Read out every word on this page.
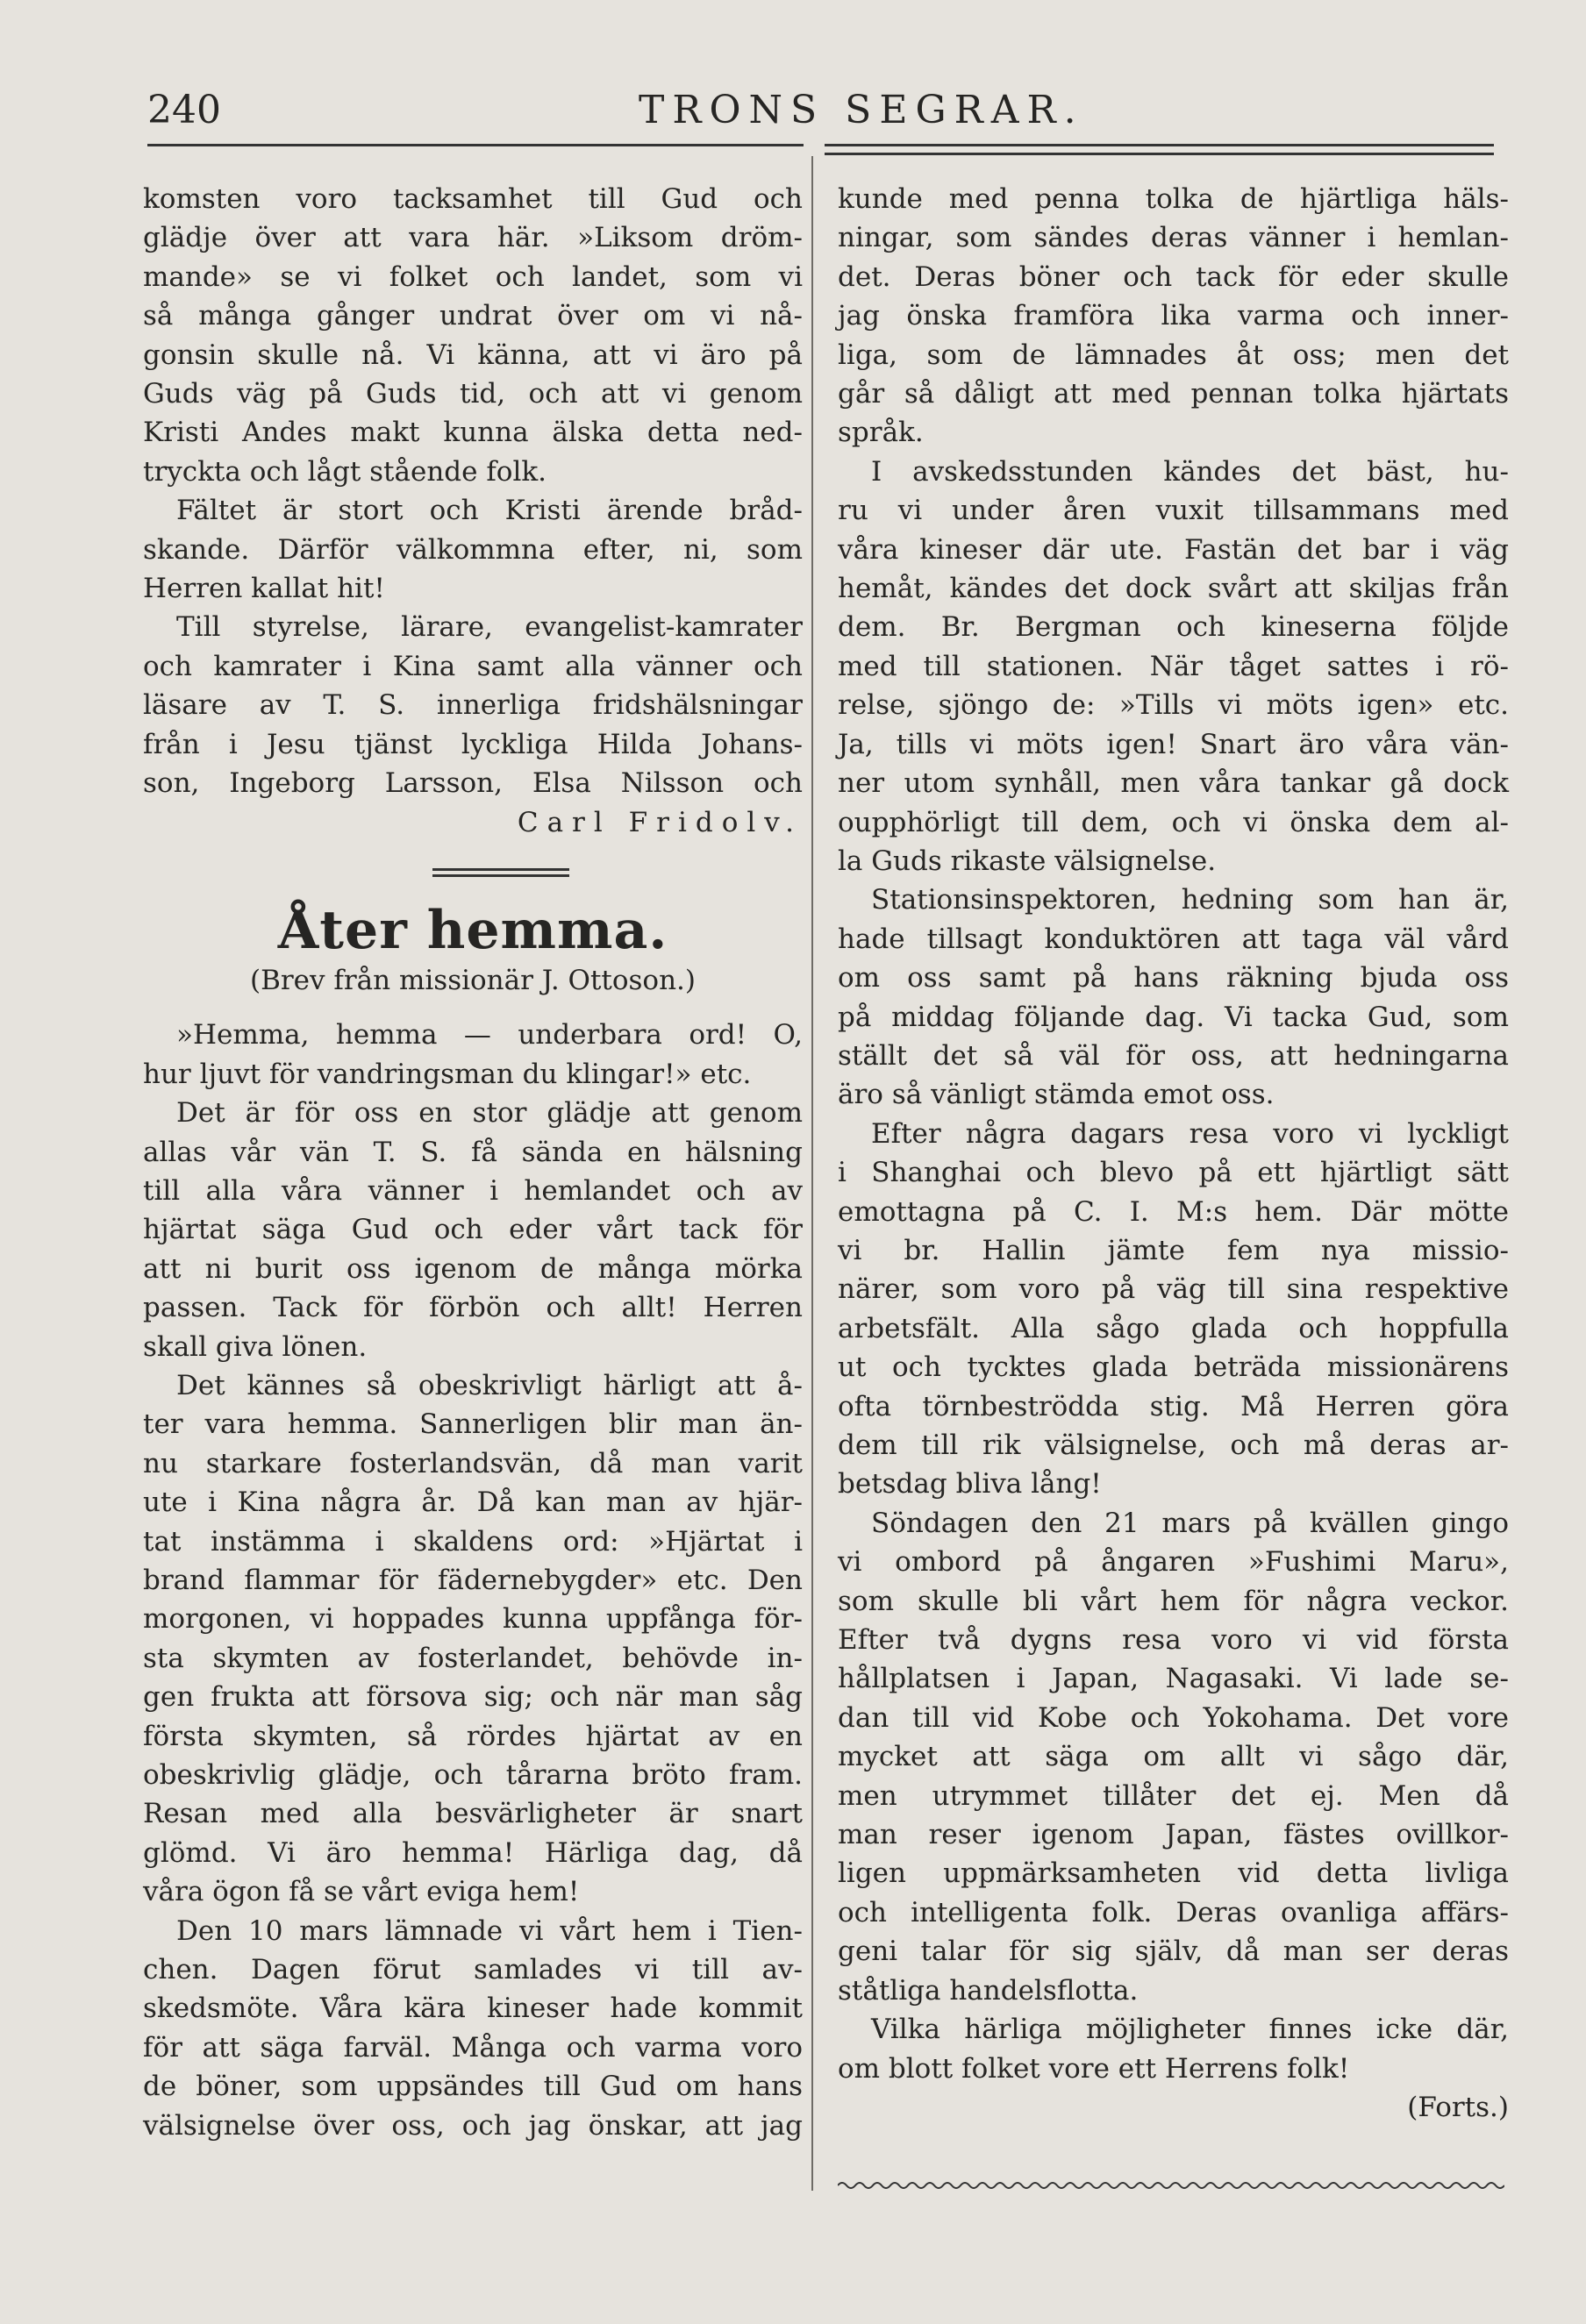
240	TRONS SEGRAR.

komsten voro tacksamhet till Gud och

glädje över att vara här. »Liksom dröm-

mande» se vi folket och landet, som vi

så många gånger undrat över om vi nå-

gonsin skulle nå. Vi känna, att vi äro på

Guds väg på Guds tid, och att vi genom

Kristi Andes makt kunna älska detta ned-

tryckta och lågt stående folk.

Fältet är stort och Kristi ärende bråd-

skande. Därför välkommna efter, ni, som

Herren kallat hit!

Till styrelse, lärare, evangelist-kamrater

och kamrater i Kina samt alla vänner och

läsare av T. S. innerliga fridshälsningar

från i Jesu tjänst lyckliga Hilda Johans-

son, Ingeborg Larsson, Elsa Nilsson och

Carl Fridolv.

Åter hemma.
(Brev från missionär J. Ottoson.)

»Hemma, hemma — underbara ord! O,

hur ljuvt för vandringsman du klingar!» etc.

Det är för oss en stor glädje att genom

allas vår vän T. S. få sända en hälsning

till alla våra vänner i hemlandet och av

hjärtat säga Gud och eder vårt tack för

att ni burit oss igenom de många mörka

passen. Tack för förbön och allt! Herren

skall giva lönen.

Det kännes så obeskrivligt härligt att å-

ter vara hemma. Sannerligen blir man än-

nu starkare fosterlandsvän, då man varit

ute i Kina några år. Då kan man av hjär-

tat instämma i skaldens ord: »Hjärtat i

brand flammar för fädernebygder» etc. Den

morgonen, vi hoppades kunna uppfånga för-

sta skymten av fosterlandet, behövde in-

gen frukta att försova sig; och när man såg

första skymten, så rördes hjärtat av en

obeskrivlig glädje, och tårarna bröto fram.

Resan med alla besvärligheter är snart

glömd. Vi äro hemma! Härliga dag, då

våra ögon få se vårt eviga hem!

Den 10 mars lämnade vi vårt hem i Tien-

chen. Dagen förut samlades vi till av-

skedsmöte. Våra kära kineser hade kommit

för att säga farväl. Många och varma voro

de böner, som uppsändes till Gud om hans

välsignelse över oss, och jag önskar, att jag

kunde med penna tolka de hjärtliga häls-

ningar, som sändes deras vänner i hemlan-

det. Deras böner och tack för eder skulle

jag önska framföra lika varma och inner-

liga, som de lämnades åt oss; men det

går så dåligt att med pennan tolka hjärtats

språk.

I avskedsstunden kändes det bäst, hu-

ru vi under åren vuxit tillsammans med

våra kineser där ute. Fastän det bar i väg

hemåt, kändes det dock svårt att skiljas från

dem. Br. Bergman och kineserna följde

med till stationen. När tåget sattes i rö-

relse, sjöngo de: »Tills vi möts igen» etc.

Ja, tills vi möts igen! Snart äro våra vän-

ner utom synhåll, men våra tankar gå dock

oupphörligt till dem, och vi önska dem al-

la Guds rikaste välsignelse.

Stationsinspektoren, hedning som han är,

hade tillsagt konduktören att taga väl vård

om oss samt på hans räkning bjuda oss

på middag följande dag. Vi tacka Gud, som

ställt det så väl för oss, att hedningarna

äro så vänligt stämda emot oss.

Efter några dagars resa voro vi lyckligt

i Shanghai och blevo på ett hjärtligt sätt

emottagna på C. I. M:s hem. Där mötte

vi br. Hallin jämte fem nya missio-

närer, som voro på väg till sina respektive

arbetsfält. Alla sågo glada och hoppfulla

ut och tycktes glada beträda missionärens

ofta törnbeströdda stig. Må Herren göra

dem till rik välsignelse, och må deras ar-

betsdag bliva lång!

Söndagen den 21 mars på kvällen gingo

vi ombord på ångaren »Fushimi Maru»,

som skulle bli vårt hem för några veckor.

Efter två dygns resa voro vi vid första

hållplatsen i Japan, Nagasaki. Vi lade se-

dan till vid Kobe och Yokohama. Det vore

mycket att säga om allt vi sågo där,

men utrymmet tillåter det ej. Men då

man reser igenom Japan, fästes ovillkor-

ligen uppmärksamheten vid detta livliga

och intelligenta folk. Deras ovanliga affärs-

geni talar för sig själv, då man ser deras

ståtliga handelsflotta.

Vilka härliga möjligheter finnes icke där,

om blott folket vore ett Herrens folk!

(Forts.)
